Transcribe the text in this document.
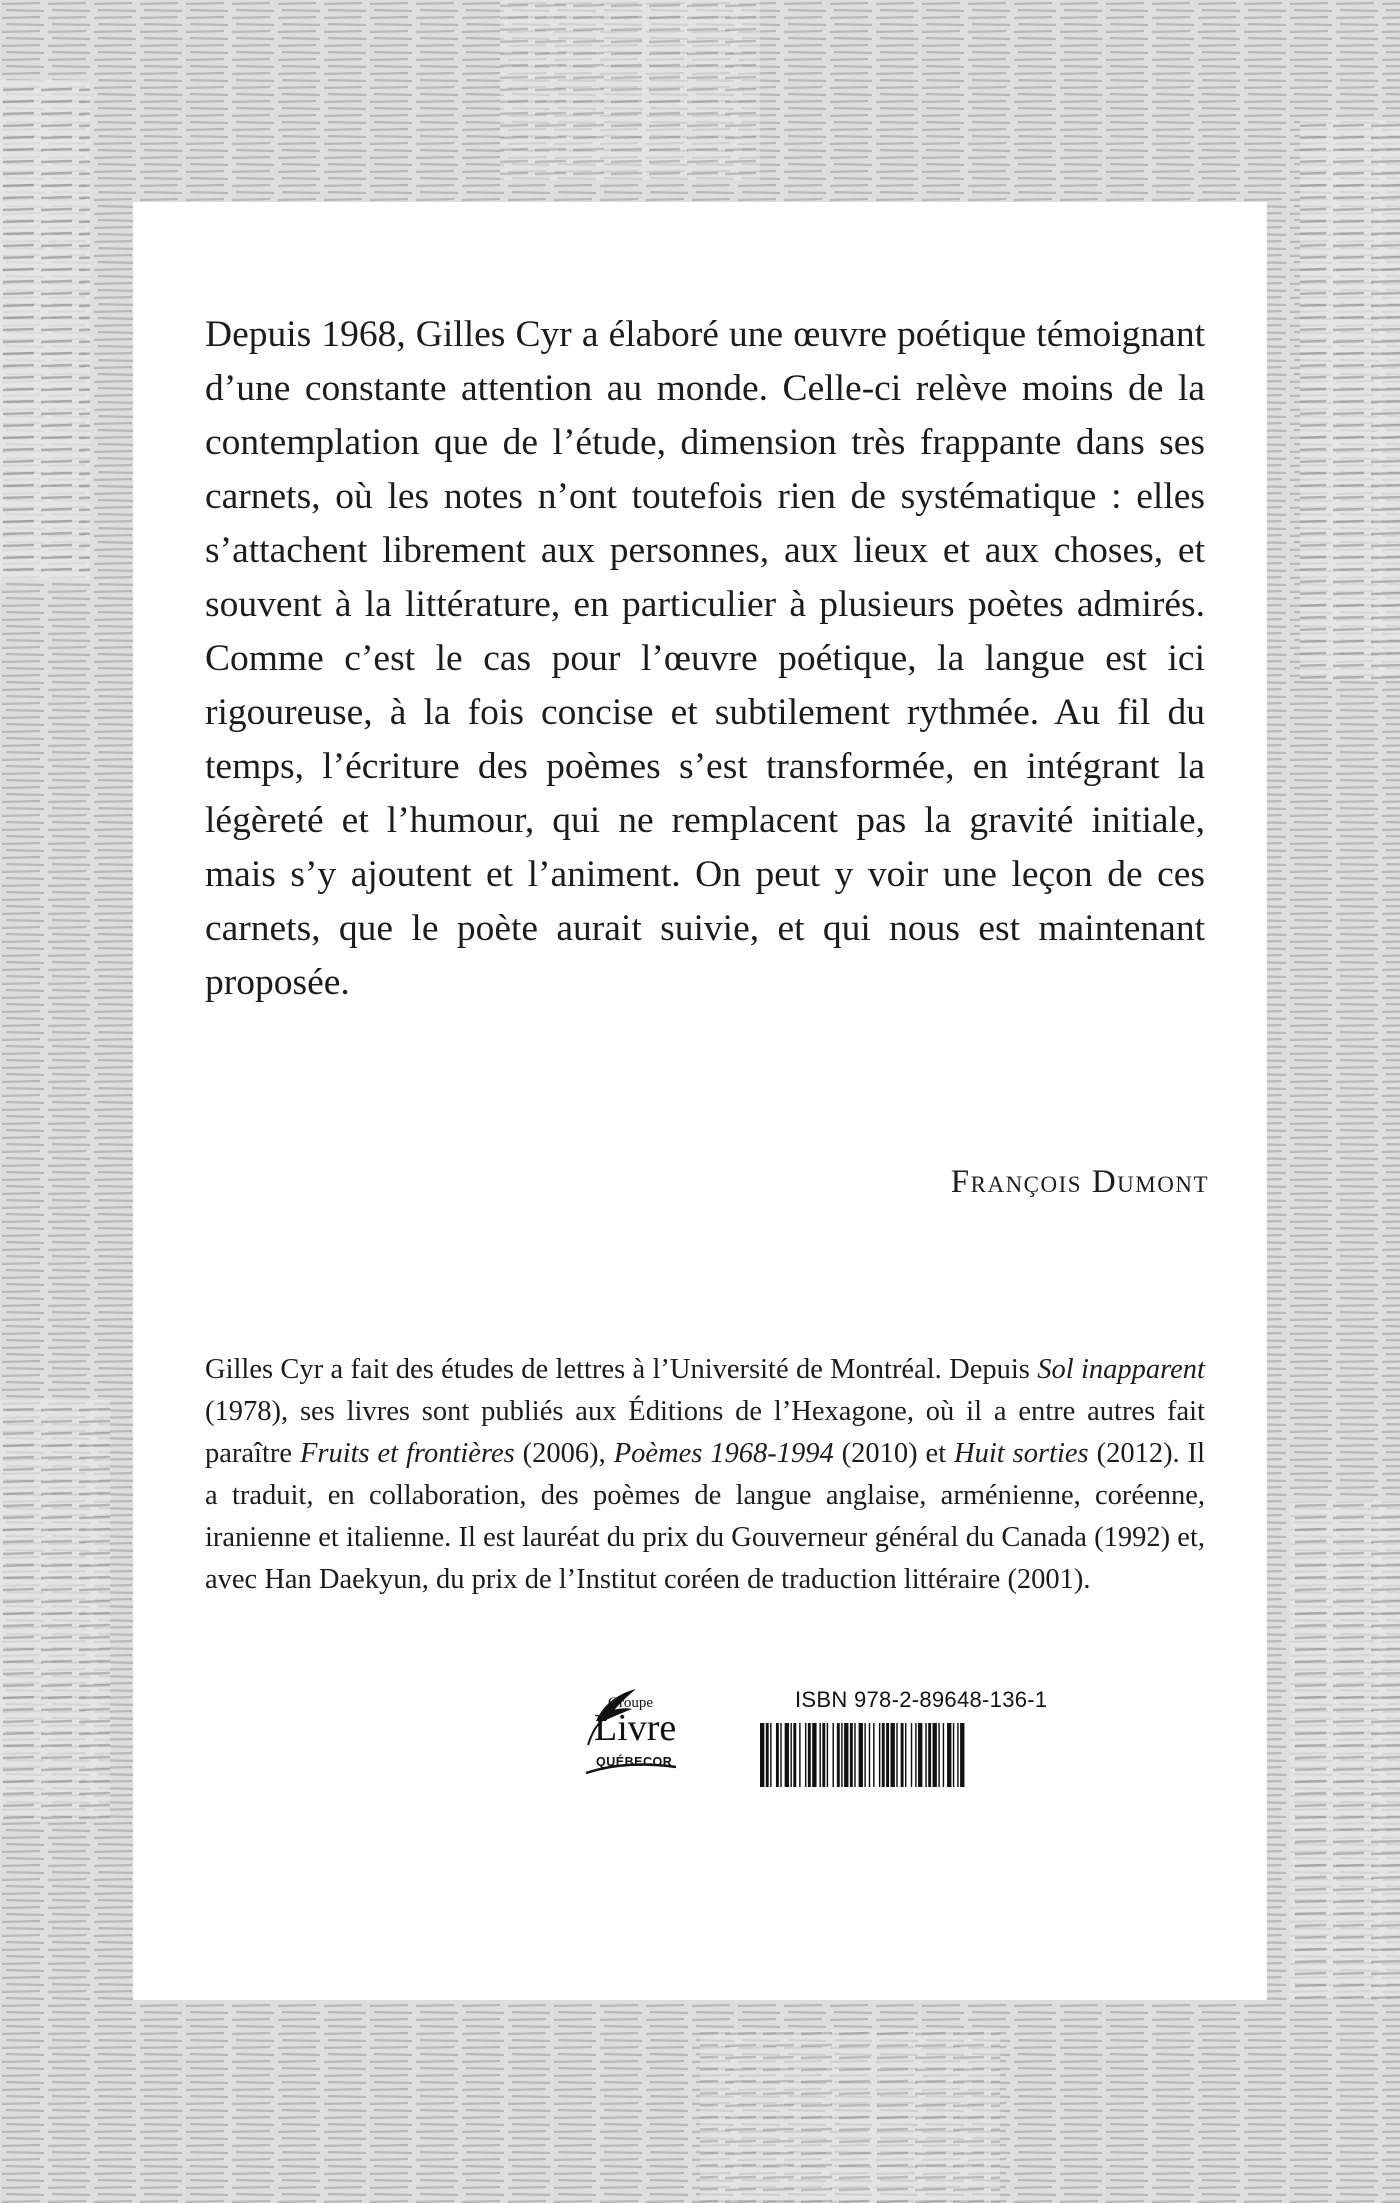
Depuis 1968, Gilles Cyr a élaboré une œuvre poétique témoignant d’une constante attention au monde. Celle-ci relève moins de la contemplation que de l’étude, dimension très frappante dans ses carnets, où les notes n’ont toutefois rien de systématique : elles s’attachent librement aux personnes, aux lieux et aux choses, et souvent à la littérature, en particulier à plusieurs poètes admirés. Comme c’est le cas pour l’œuvre poétique, la langue est ici rigoureuse, à la fois concise et subtilement rythmée. Au fil du temps, l’écriture des poèmes s’est transformée, en intégrant la légèreté et l’humour, qui ne remplacent pas la gravité initiale, mais s’y ajoutent et l’animent. On peut y voir une leçon de ces carnets, que le poète aurait suivie, et qui nous est maintenant proposée.

François Dumont

Gilles Cyr a fait des études de lettres à l’Université de Montréal. Depuis Sol inapparent (1978), ses livres sont publiés aux Éditions de l’Hexagone, où il a entre autres fait paraître Fruits et frontières (2006), Poèmes 1968-1994 (2010) et Huit sorties (2012). Il a traduit, en collaboration, des poèmes de langue anglaise, arménienne, coréenne, iranienne et italienne. Il est lauréat du prix du Gouverneur général du Canada (1992) et, avec Han Daekyun, du prix de l’Institut coréen de traduction littéraire (2001).

Groupe
Livre
QUÉBECOR

ISBN 978-2-89648-136-1
